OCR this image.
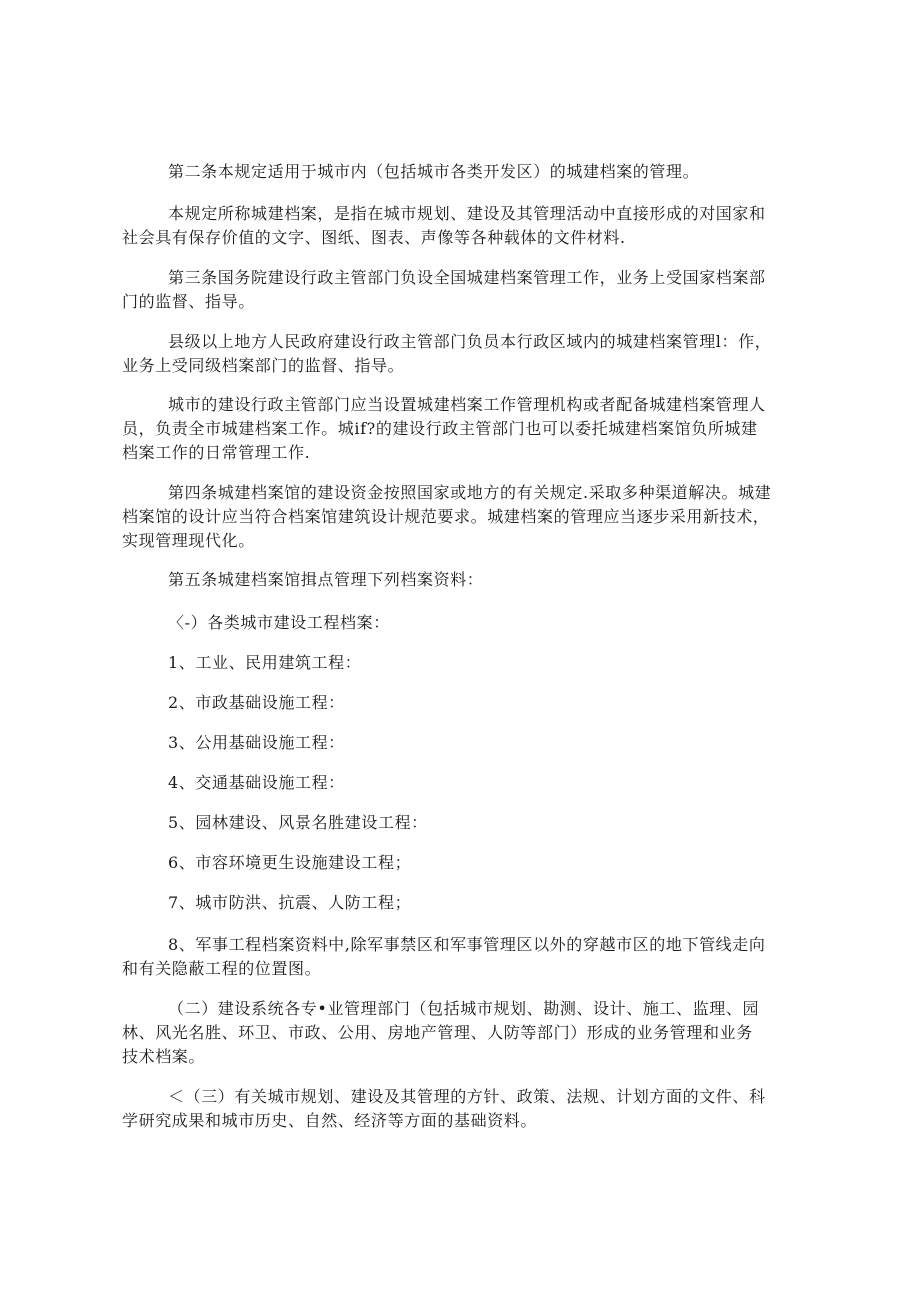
第二条本规定适用于城市内（包括城市各类开发区）的城建档案的管理。

本规定所称城建档案，是指在城市规划、建设及其管理活动中直接形成的对国家和
社会具有保存价值的文字、图纸、图表、声像等各种载体的文件材料.

第三条国务院建设行政主管部门负设全国城建档案管理工作，业务上受国家档案部
门的监督、指导。

县级以上地方人民政府建设行政主管部门负员本行政区域内的城建档案管理l：作，
业务上受同级档案部门的监督、指导。

城市的建设行政主管部门应当设置城建档案工作管理机构或者配备城建档案管理人
员，负责全市城建档案工作。城if?的建设行政主管部门也可以委托城建档案馆负所城建
档案工作的日常管理工作.

第四条城建档案馆的建设资金按照国家或地方的有关规定.采取多种渠道解决。城建
档案馆的设计应当符合档案馆建筑设计规范要求。城建档案的管理应当逐步采用新技术，
实现管理现代化。

第五条城建档案馆揖点管理下列档案资料：

〈-）各类城市建设工程档案：

1、工业、民用建筑工程：

2、市政基础设施工程：

3、公用基础设施工程：

4、交通基础设施工程：

5、园林建设、风景名胜建设工程：

6、市容环境更生设施建设工程；

7、城市防洪、抗震、人防工程；

8、军事工程档案资料中,除军事禁区和军事管理区以外的穿越市区的地下管线走向
和有关隐蔽工程的位置图。

（二）建设系统各专•业管理部门（包括城市规划、勘测、设计、施工、监理、园
林、风光名胜、环卫、市政、公用、房地产管理、人防等部门）形成的业务管理和业务
技术档案。

＜（三）有关城市规划、建设及其管理的方针、政策、法规、计划方面的文件、科
学研究成果和城市历史、自然、经济等方面的基础资料。
